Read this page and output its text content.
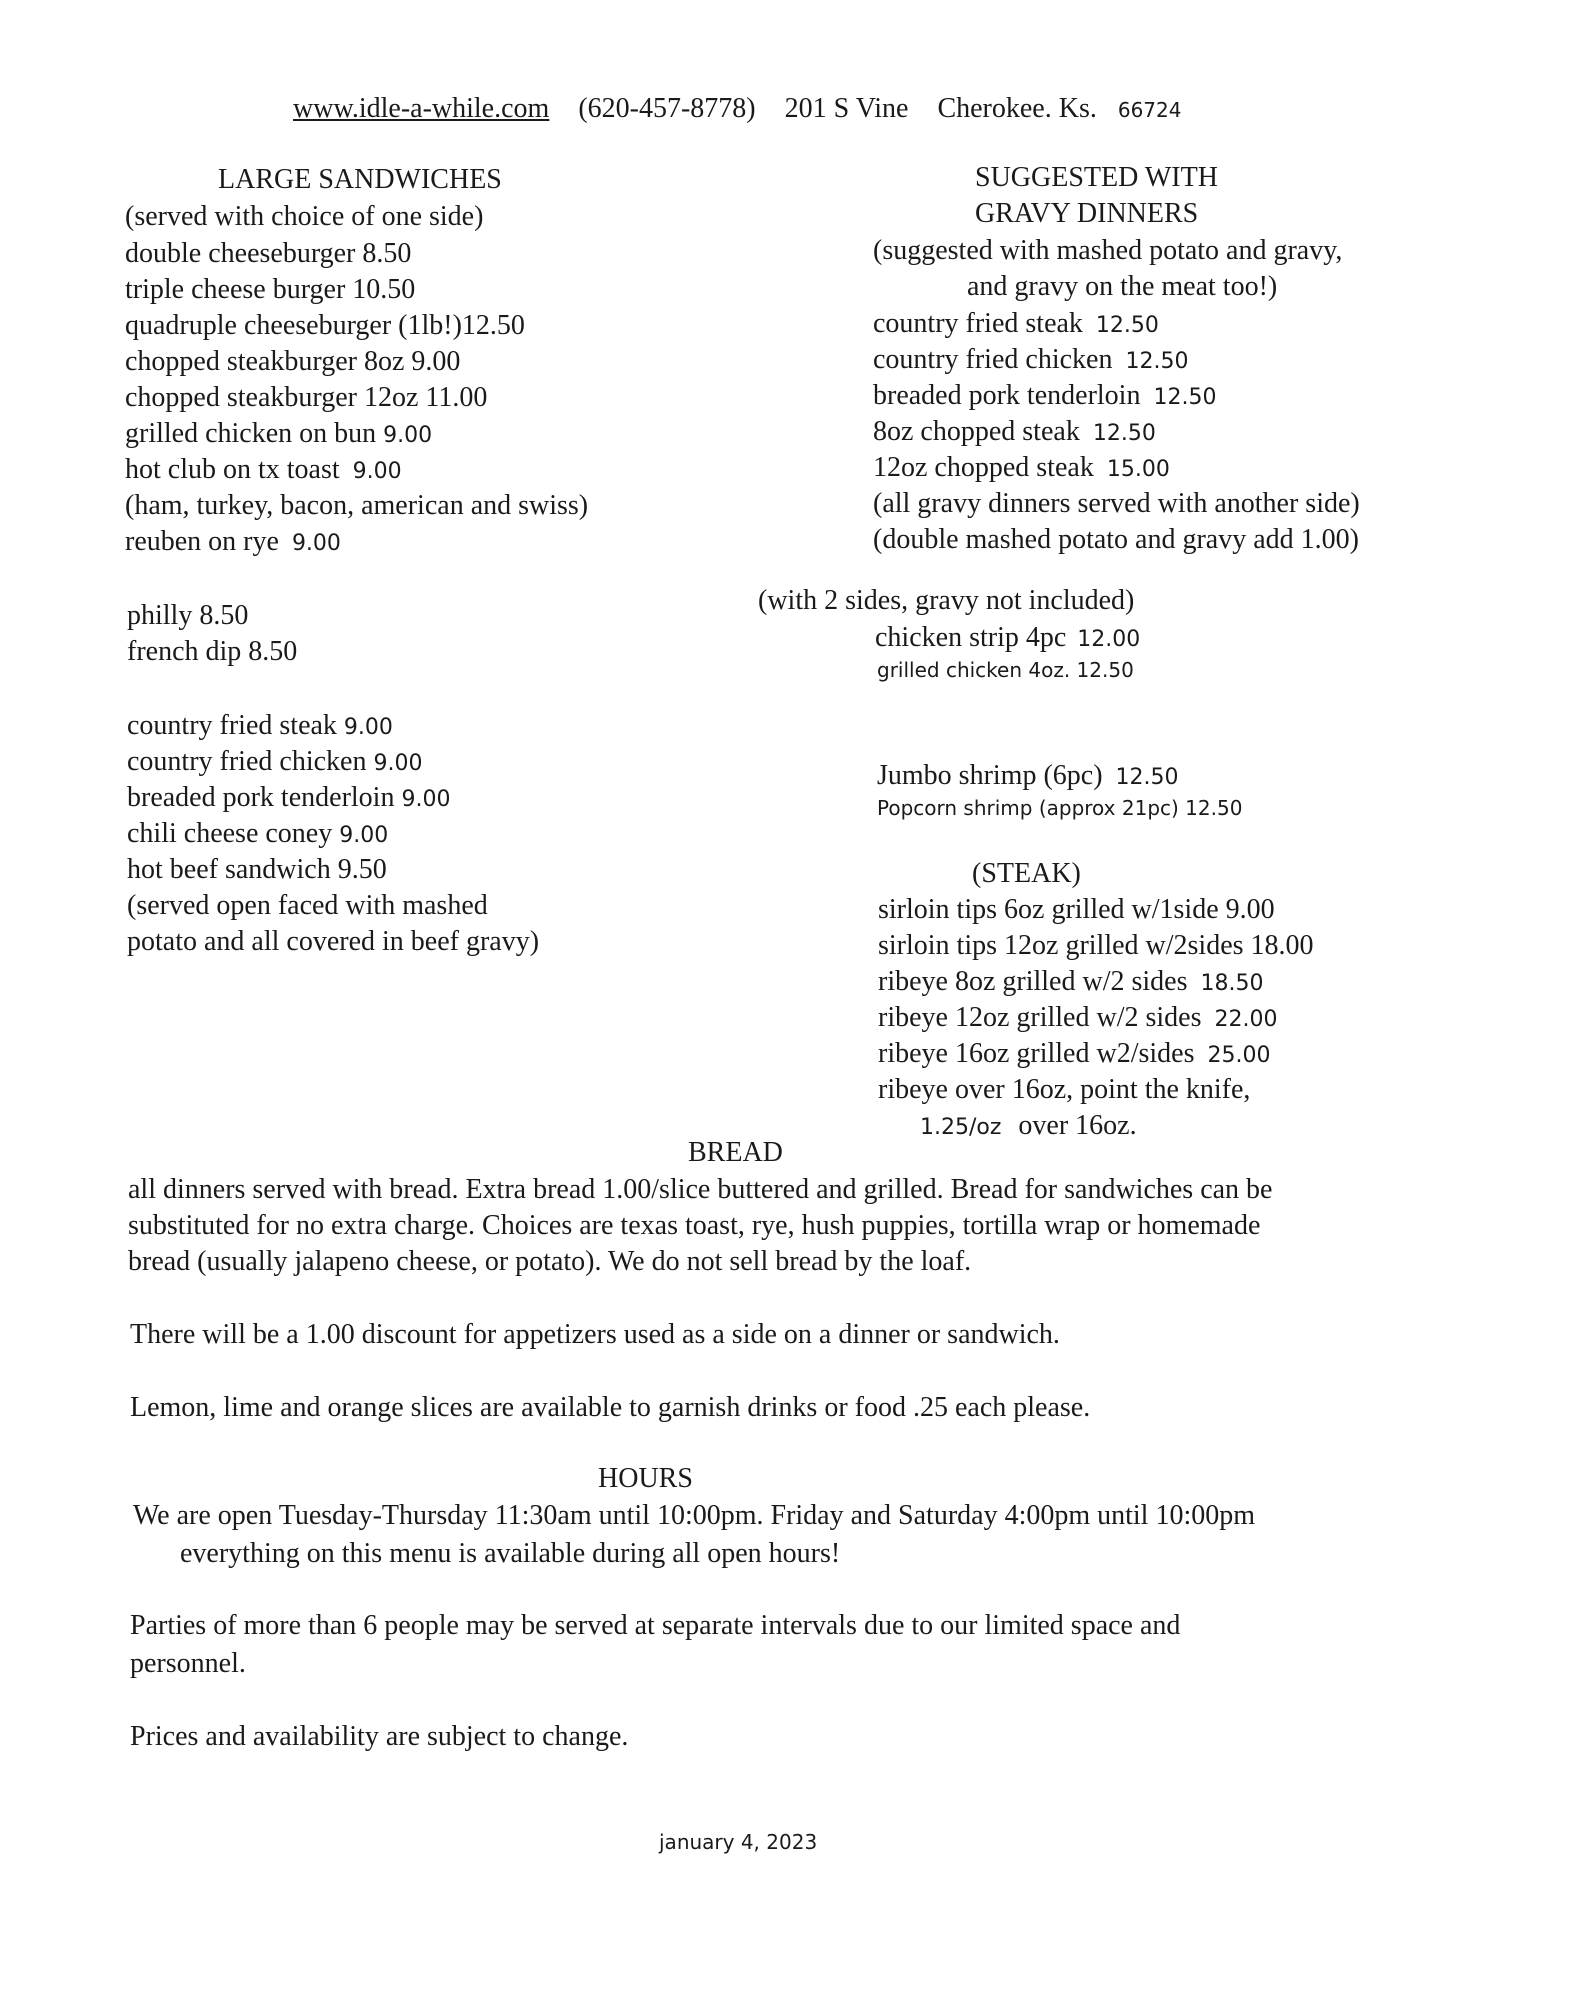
www.idle-a-while.com (620-457-8778) 201 S Vine Cherokee. Ks. 66724
LARGE SANDWICHES
(served with choice of one side)
double cheeseburger 8.50
triple cheese burger 10.50
quadruple cheeseburger (1lb!)12.50
chopped steakburger 8oz 9.00
chopped steakburger 12oz 11.00
grilled chicken on bun 9.00
hot club on tx toast 9.00
(ham, turkey, bacon, american and swiss)
reuben on rye 9.00
philly 8.50
french dip 8.50
country fried steak 9.00
country fried chicken 9.00
breaded pork tenderloin 9.00
chili cheese coney 9.00
hot beef sandwich 9.50
(served open faced with mashed
potato and all covered in beef gravy)
SUGGESTED WITH
GRAVY DINNERS
(suggested with mashed potato and gravy,
and gravy on the meat too!)
country fried steak 12.50
country fried chicken 12.50
breaded pork tenderloin 12.50
8oz chopped steak 12.50
12oz chopped steak 15.00
(all gravy dinners served with another side)
(double mashed potato and gravy add 1.00)
(with 2 sides, gravy not included)
chicken strip 4pc 12.00
grilled chicken 4oz. 12.50
Jumbo shrimp (6pc) 12.50
Popcorn shrimp (approx 21pc) 12.50
(STEAK)
sirloin tips 6oz grilled w/1side 9.00
sirloin tips 12oz grilled w/2sides 18.00
ribeye 8oz grilled w/2 sides 18.50
ribeye 12oz grilled w/2 sides 22.00
ribeye 16oz grilled w2/sides 25.00
ribeye over 16oz, point the knife,
1.25/oz over 16oz.
BREAD
all dinners served with bread. Extra bread 1.00/slice buttered and grilled. Bread for sandwiches can be
substituted for no extra charge. Choices are texas toast, rye, hush puppies, tortilla wrap or homemade
bread (usually jalapeno cheese, or potato). We do not sell bread by the loaf.
There will be a 1.00 discount for appetizers used as a side on a dinner or sandwich.
Lemon, lime and orange slices are available to garnish drinks or food .25 each please.
HOURS
We are open Tuesday-Thursday 11:30am until 10:00pm. Friday and Saturday 4:00pm until 10:00pm
everything on this menu is available during all open hours!
Parties of more than 6 people may be served at separate intervals due to our limited space and
personnel.
Prices and availability are subject to change.
january 4, 2023
